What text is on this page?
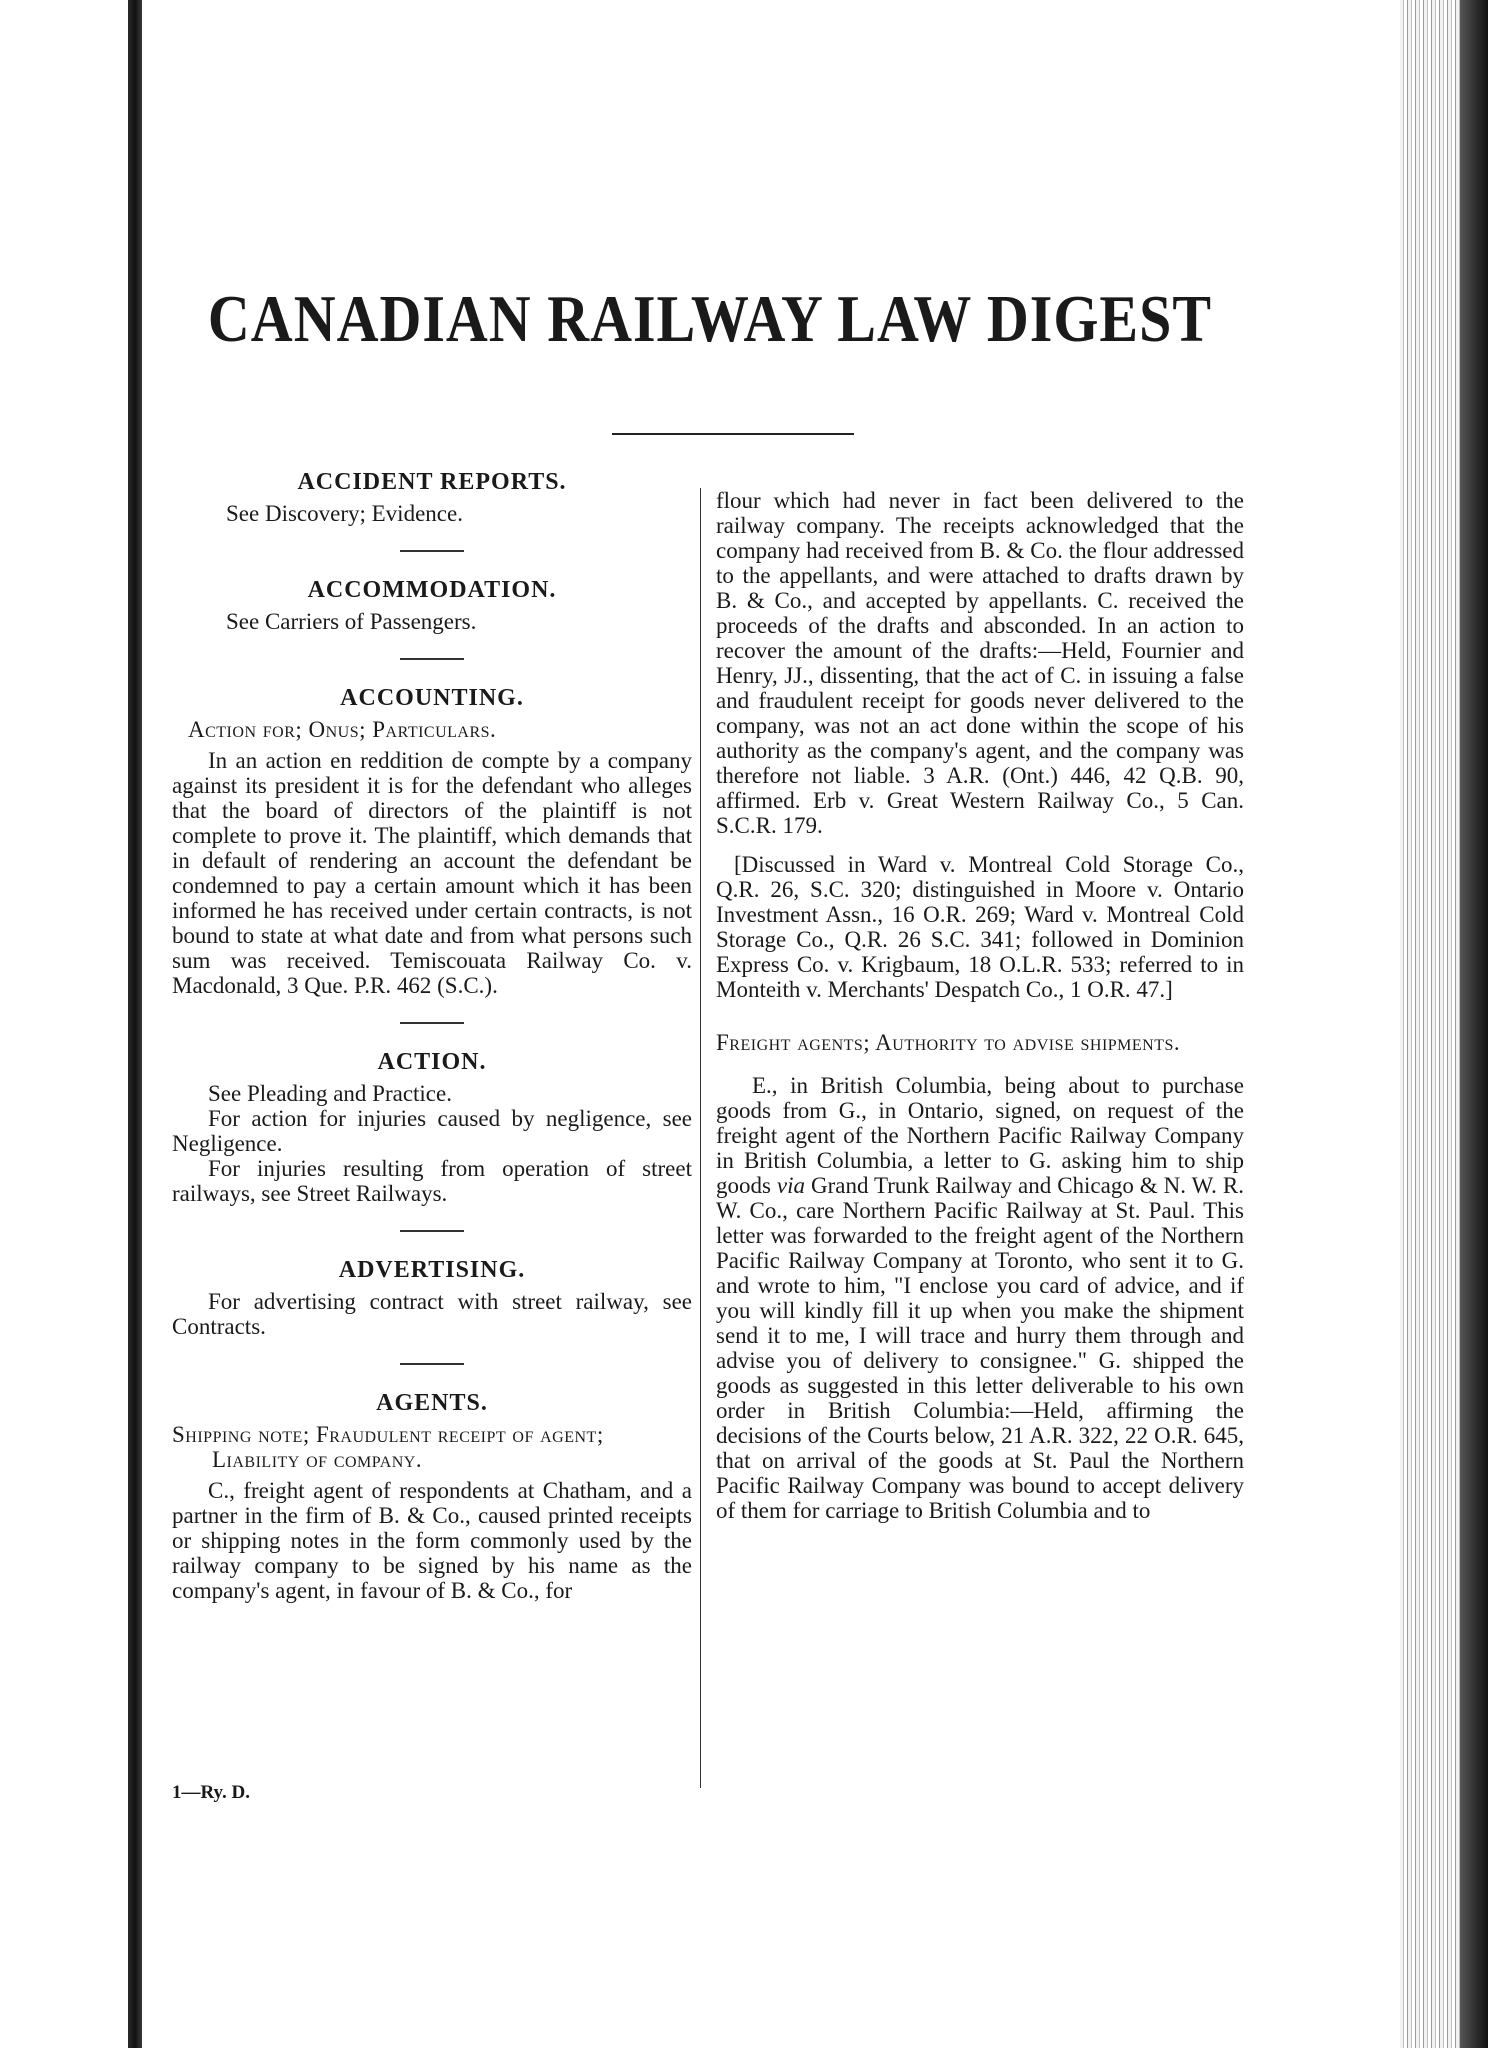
CANADIAN RAILWAY LAW DIGEST
ACCIDENT REPORTS.

See Discovery; Evidence.

ACCOMMODATION.

See Carriers of Passengers.

ACCOUNTING.
Action for; Onus; Particulars.

In an action en reddition de compte by a company against its president it is for the defendant who alleges that the board of directors of the plaintiff is not complete to prove it. The plaintiff, which demands that in default of rendering an account the defendant be condemned to pay a certain amount which it has been informed he has received under certain contracts, is not bound to state at what date and from what persons such sum was received. Temiscouata Railway Co. v. Macdonald, 3 Que. P.R. 462 (S.C.).

ACTION.

See Pleading and Practice.

For action for injuries caused by negligence, see Negligence.

For injuries resulting from operation of street railways, see Street Railways.

ADVERTISING.

For advertising contract with street railway, see Contracts.

AGENTS.
Shipping note; Fraudulent receipt of agent; Liability of company.

C., freight agent of respondents at Chatham, and a partner in the firm of B. & Co., caused printed receipts or shipping notes in the form commonly used by the railway company to be signed by his name as the company's agent, in favour of B. & Co., for

flour which had never in fact been delivered to the railway company. The receipts acknowledged that the company had received from B. & Co. the flour addressed to the appellants, and were attached to drafts drawn by B. & Co., and accepted by appellants. C. received the proceeds of the drafts and absconded. In an action to recover the amount of the drafts:—Held, Fournier and Henry, JJ., dissenting, that the act of C. in issuing a false and fraudulent receipt for goods never delivered to the company, was not an act done within the scope of his authority as the company's agent, and the company was therefore not liable. 3 A.R. (Ont.) 446, 42 Q.B. 90, affirmed. Erb v. Great Western Railway Co., 5 Can. S.C.R. 179.

[Discussed in Ward v. Montreal Cold Storage Co., Q.R. 26, S.C. 320; distinguished in Moore v. Ontario Investment Assn., 16 O.R. 269; Ward v. Montreal Cold Storage Co., Q.R. 26 S.C. 341; followed in Dominion Express Co. v. Krigbaum, 18 O.L.R. 533; referred to in Monteith v. Merchants' Despatch Co., 1 O.R. 47.]

Freight agents; Authority to advise shipments.

E., in British Columbia, being about to purchase goods from G., in Ontario, signed, on request of the freight agent of the Northern Pacific Railway Company in British Columbia, a letter to G. asking him to ship goods via Grand Trunk Railway and Chicago & N. W. R. W. Co., care Northern Pacific Railway at St. Paul. This letter was forwarded to the freight agent of the Northern Pacific Railway Company at Toronto, who sent it to G. and wrote to him, "I enclose you card of advice, and if you will kindly fill it up when you make the shipment send it to me, I will trace and hurry them through and advise you of delivery to consignee." G. shipped the goods as suggested in this letter deliverable to his own order in British Columbia:—Held, affirming the decisions of the Courts below, 21 A.R. 322, 22 O.R. 645, that on arrival of the goods at St. Paul the Northern Pacific Railway Company was bound to accept delivery of them for carriage to British Columbia and to

1—Ry. D.
